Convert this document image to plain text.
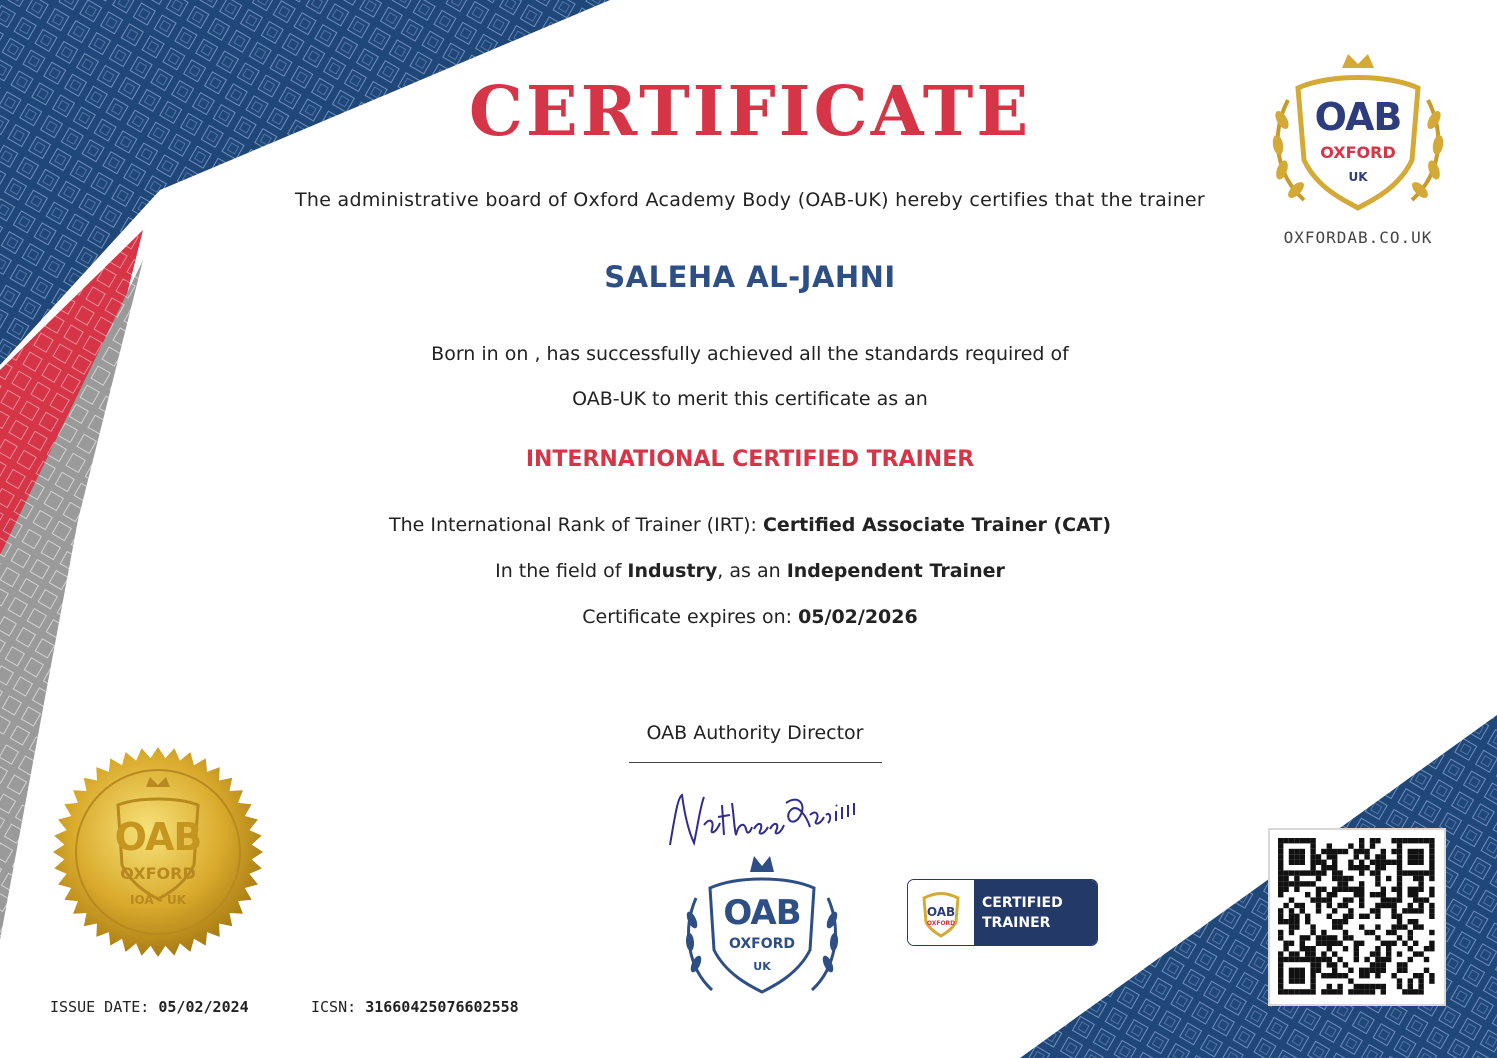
CERTIFICATE
The administrative board of Oxford Academy Body (OAB-UK) hereby certifies that the trainer
SALEHA AL-JAHNI
Born in on , has successfully achieved all the standards required of
OAB-UK to merit this certificate as an
INTERNATIONAL CERTIFIED TRAINER
The International Rank of Trainer (IRT): Certified Associate Trainer (CAT)
In the field of Industry, as an Independent Trainer
Certificate expires on: 05/02/2026
OAB Authority Director
OAB
OXFORD
UK
OXFORDAB.CO.UK
OAB
OXFORD
IOA - UK	OAB
OXFORD
UK
OAB
OXFORD
CERTIFIED
TRAINER
ISSUE DATE: 05/02/2024	ICSN: 31660425076602558
